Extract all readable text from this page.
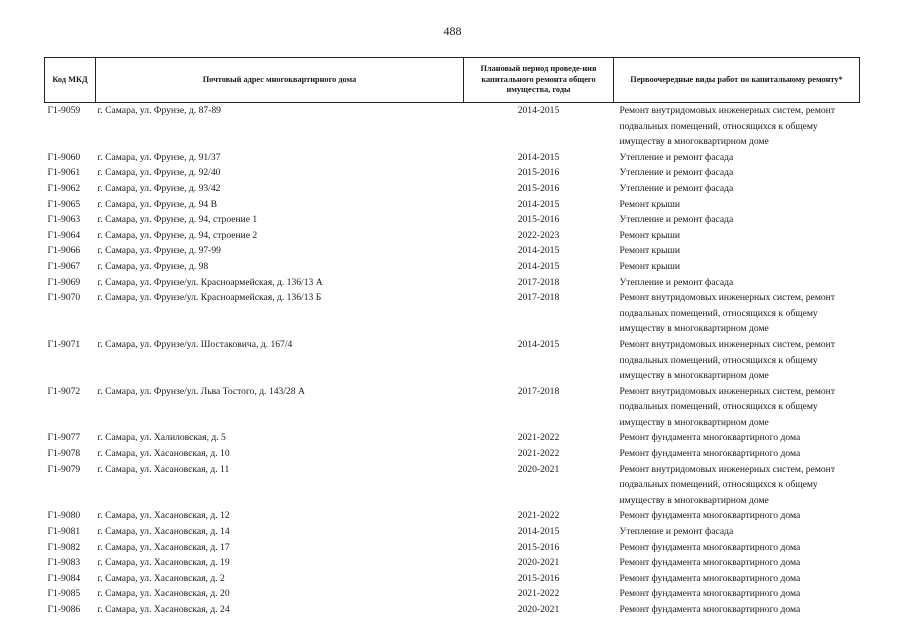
488
Код МКД	Почтовый адрес многоквартирного дома	Плановый период проведе-ния капитального ремонта общего имущества, годы	Первоочередные виды работ по капитальному ремонту*
Г1-9059	г. Самара, ул. Фрунзе, д. 87-89	2014-2015	Ремонт внутридомовых инженерных систем, ремонт подвальных помещений, относящихся к общему имуществу в многоквартирном доме
Г1-9060	г. Самара, ул. Фрунзе, д. 91/37	2014-2015	Утепление и ремонт фасада
Г1-9061	г. Самара, ул. Фрунзе, д. 92/40	2015-2016	Утепление и ремонт фасада
Г1-9062	г. Самара, ул. Фрунзе, д. 93/42	2015-2016	Утепление и ремонт фасада
Г1-9065	г. Самара, ул. Фрунзе, д. 94 В	2014-2015	Ремонт крыши
Г1-9063	г. Самара, ул. Фрунзе, д. 94, строение 1	2015-2016	Утепление и ремонт фасада
Г1-9064	г. Самара, ул. Фрунзе, д. 94, строение 2	2022-2023	Ремонт крыши
Г1-9066	г. Самара, ул. Фрунзе, д. 97-99	2014-2015	Ремонт крыши
Г1-9067	г. Самара, ул. Фрунзе, д. 98	2014-2015	Ремонт крыши
Г1-9069	г. Самара, ул. Фрунзе/ул. Красноармейская, д. 136/13 А	2017-2018	Утепление и ремонт фасада
Г1-9070	г. Самара, ул. Фрунзе/ул. Красноармейская, д. 136/13 Б	2017-2018	Ремонт внутридомовых инженерных систем, ремонт подвальных помещений, относящихся к общему имуществу в многоквартирном доме
Г1-9071	г. Самара, ул. Фрунзе/ул. Шостаковича, д. 167/4	2014-2015	Ремонт внутридомовых инженерных систем, ремонт подвальных помещений, относящихся к общему имуществу в многоквартирном доме
Г1-9072	г. Самара, ул. Фрунзе/ул. Льва Тостого, д. 143/28 А	2017-2018	Ремонт внутридомовых инженерных систем, ремонт подвальных помещений, относящихся к общему имуществу в многоквартирном доме
Г1-9077	г. Самара, ул. Халиловская, д. 5	2021-2022	Ремонт фундамента многоквартирного дома
Г1-9078	г. Самара, ул. Хасановская, д. 10	2021-2022	Ремонт фундамента многоквартирного дома
Г1-9079	г. Самара, ул. Хасановская, д. 11	2020-2021	Ремонт внутридомовых инженерных систем, ремонт подвальных помещений, относящихся к общему имуществу в многоквартирном доме
Г1-9080	г. Самара, ул. Хасановская, д. 12	2021-2022	Ремонт фундамента многоквартирного дома
Г1-9081	г. Самара, ул. Хасановская, д. 14	2014-2015	Утепление и ремонт фасада
Г1-9082	г. Самара, ул. Хасановская, д. 17	2015-2016	Ремонт фундамента многоквартирного дома
Г1-9083	г. Самара, ул. Хасановская, д. 19	2020-2021	Ремонт фундамента многоквартирного дома
Г1-9084	г. Самара, ул. Хасановская, д. 2	2015-2016	Ремонт фундамента многоквартирного дома
Г1-9085	г. Самара, ул. Хасановская, д. 20	2021-2022	Ремонт фундамента многоквартирного дома
Г1-9086	г. Самара, ул. Хасановская, д. 24	2020-2021	Ремонт фундамента многоквартирного дома
